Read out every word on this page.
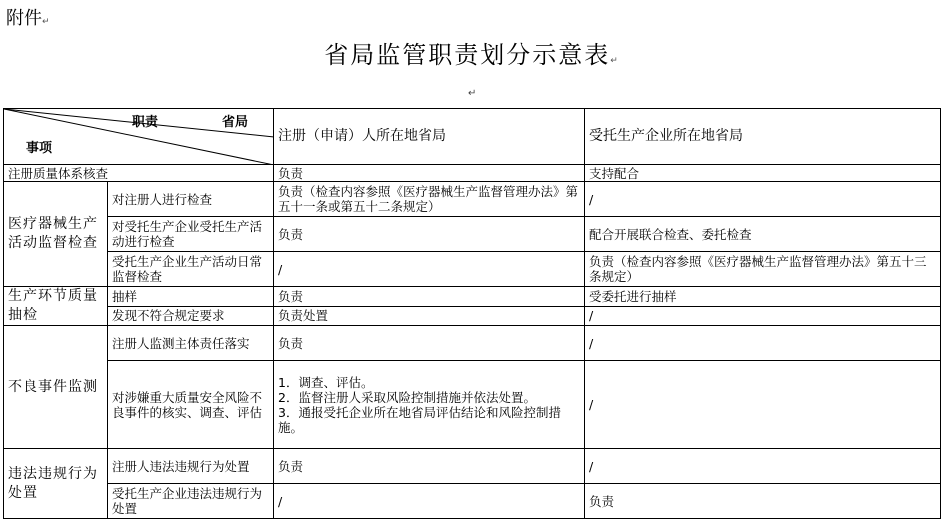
附件↵
省局监管职责划分示意表↵
↵
职责 省局
事项		注册（申请）人所在地省局	受托生产企业所在地省局
注册质量体系核查		负责	支持配合
医疗器械生产活动监督检查	对注册人进行检查	负责（检查内容参照《医疗器械生产监督管理办法》第五十一条或第五十二条规定）	/
	对受托生产企业受托生产活动进行检查	负责	配合开展联合检查、委托检查
	受托生产企业生产活动日常监督检查	/	负责（检查内容参照《医疗器械生产监督管理办法》第五十三条规定）
生产环节质量抽检	抽样	负责	受委托进行抽样
	发现不符合规定要求	负责处置	/
不良事件监测	注册人监测主体责任落实	负责	/
	对涉嫌重大质量安全风险不良事件的核实、调查、评估	1．调查、评估。
2．监督注册人采取风险控制措施并依法处置。
3．通报受托企业所在地省局评估结论和风险控制措施。	/
违法违规行为处置	注册人违法违规行为处置	负责	/
	受托生产企业违法违规行为处置	/	负责
